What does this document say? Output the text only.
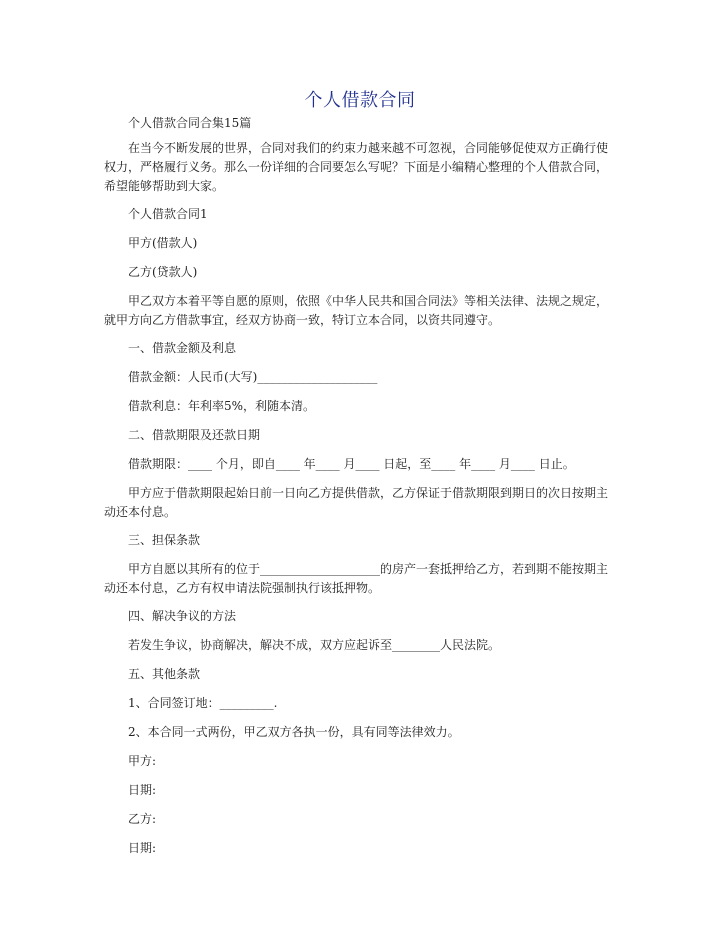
个人借款合同

个人借款合同合集15篇

在当今不断发展的世界，合同对我们的约束力越来越不可忽视，合同能够促使双方正确行使权力，严格履行义务。那么一份详细的合同要怎么写呢？下面是小编精心整理的个人借款合同，希望能够帮助到大家。

个人借款合同1

甲方(借款人)

乙方(贷款人)

甲乙双方本着平等自愿的原则，依照《中华人民共和国合同法》等相关法律、法规之规定，就甲方向乙方借款事宜，经双方协商一致，特订立本合同，以资共同遵守。

一、借款金额及利息

借款金额：人民币(大写)____________________

借款利息：年利率5%，利随本清。

二、借款期限及还款日期

借款期限：____ 个月，即自____ 年____ 月____ 日起，至____ 年____ 月____ 日止。

甲方应于借款期限起始日前一日向乙方提供借款，乙方保证于借款期限到期日的次日按期主动还本付息。

三、担保条款

甲方自愿以其所有的位于____________________的房产一套抵押给乙方，若到期不能按期主动还本付息，乙方有权申请法院强制执行该抵押物。

四、解决争议的方法

若发生争议，协商解决，解决不成，双方应起诉至________人民法院。

五、其他条款

1、合同签订地：_________.

2、本合同一式两份，甲乙双方各执一份，具有同等法律效力。

甲方:

日期:

乙方:

日期:
